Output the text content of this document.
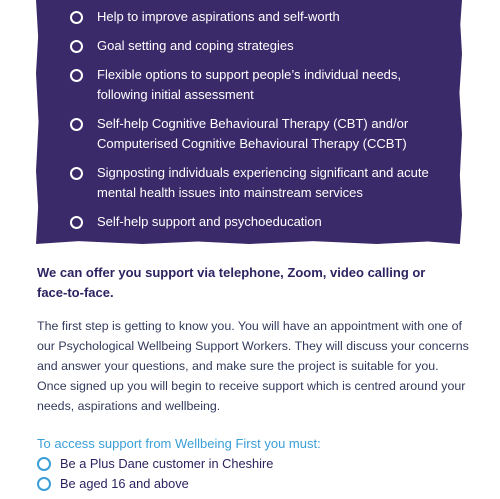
Help to improve aspirations and self-worth
Goal setting and coping strategies
Flexible options to support people’s individual needs, following initial assessment
Self-help Cognitive Behavioural Therapy (CBT) and/or Computerised Cognitive Behavioural Therapy (CCBT)
Signposting individuals experiencing significant and acute mental health issues into mainstream services
Self-help support and psychoeducation

We can offer you support via telephone, Zoom, video calling or face-to-face.

The first step is getting to know you. You will have an appointment with one of our Psychological Wellbeing Support Workers. They will discuss your concerns and answer your questions, and make sure the project is suitable for you. Once signed up you will begin to receive support which is centred around your needs, aspirations and wellbeing.

To access support from Wellbeing First you must:

Be a Plus Dane customer in Cheshire
Be aged 16 and above
